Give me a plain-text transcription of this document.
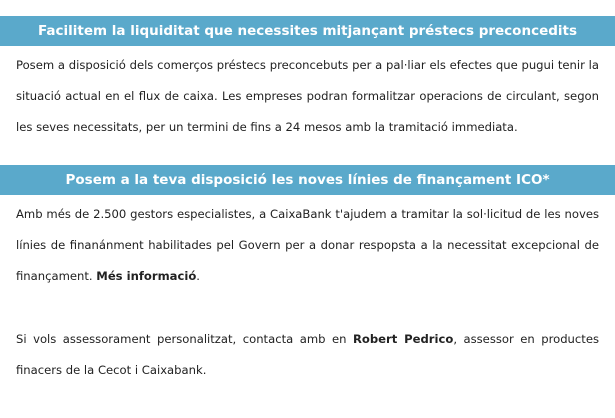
Facilitem la liquiditat que necessites mitjançant préstecs preconcedits

Posem a disposició dels comerços préstecs preconcebuts per a pal·liar els efectes que pugui tenir la situació actual en el flux de caixa. Les empreses podran formalitzar operacions de circulant, segon les seves necessitats, per un termini de fins a 24 mesos amb la tramitació immediata.

Posem a la teva disposició les noves línies de finançament ICO*

Amb més de 2.500 gestors especialistes, a CaixaBank t'ajudem a tramitar la sol·licitud de les noves línies de finanánment habilitades pel Govern per a donar respopsta a la necessitat excepcional de finançament. Més informació.

Si vols assessorament personalitzat, contacta amb en Robert Pedrico, assessor en productes finacers de la Cecot i Caixabank.
